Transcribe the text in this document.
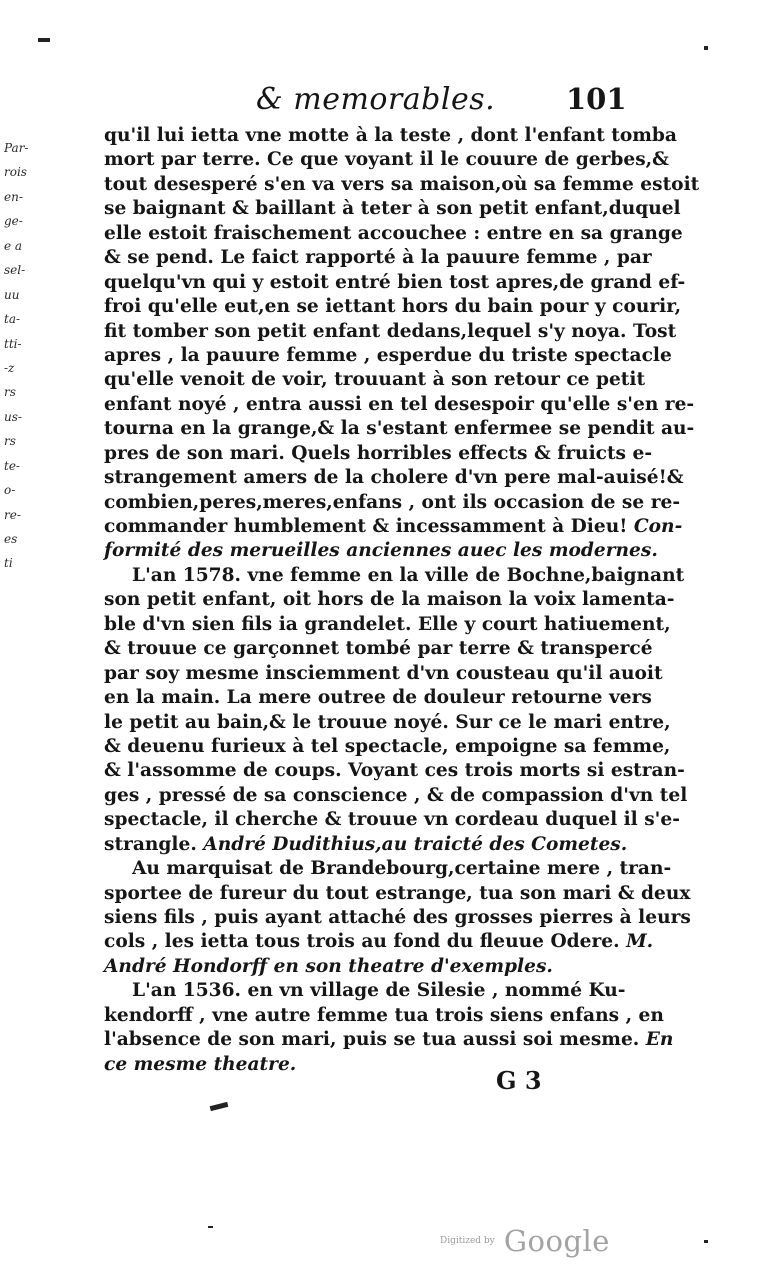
& memorables. 101
Par-
rois
en-
ge-
e a
sel-
uu
ta-
tti-
-z
rs
us-
rs
te-
o-
re-
es
ti
qu'il lui ietta vne motte à la teste , dont l'enfant tomba
mort par terre. Ce que voyant il le couure de gerbes,&
tout desesperé s'en va vers sa maison,où sa femme estoit
se baignant & baillant à teter à son petit enfant,duquel
elle estoit fraischement accouchee : entre en sa grange
& se pend. Le faict rapporté à la pauure femme , par
quelqu'vn qui y estoit entré bien tost apres,de grand ef-
froi qu'elle eut,en se iettant hors du bain pour y courir,
fit tomber son petit enfant dedans,lequel s'y noya. Tost
apres , la pauure femme , esperdue du triste spectacle
qu'elle venoit de voir, trouuant à son retour ce petit
enfant noyé , entra aussi en tel desespoir qu'elle s'en re-
tourna en la grange,& la s'estant enfermee se pendit au-
pres de son mari. Quels horribles effects & fruicts e-
strangement amers de la cholere d'vn pere mal-auisé!&
combien,peres,meres,enfans , ont ils occasion de se re-
commander humblement & incessamment à Dieu! Con-
formité des merueilles anciennes auec les modernes.
L'an 1578. vne femme en la ville de Bochne,baignant
son petit enfant, oit hors de la maison la voix lamenta-
ble d'vn sien fils ia grandelet. Elle y court hatiuement,
& trouue ce garçonnet tombé par terre & transpercé
par soy mesme insciemment d'vn cousteau qu'il auoit
en la main. La mere outree de douleur retourne vers
le petit au bain,& le trouue noyé. Sur ce le mari entre,
& deuenu furieux à tel spectacle, empoigne sa femme,
& l'assomme de coups. Voyant ces trois morts si estran-
ges , pressé de sa conscience , & de compassion d'vn tel
spectacle, il cherche & trouue vn cordeau duquel il s'e-
strangle. André Dudithius,au traicté des Cometes.
Au marquisat de Brandebourg,certaine mere , tran-
sportee de fureur du tout estrange, tua son mari & deux
siens fils , puis ayant attaché des grosses pierres à leurs
cols , les ietta tous trois au fond du fleuue Odere. M.
André Hondorff en son theatre d'exemples.
L'an 1536. en vn village de Silesie , nommé Ku-
kendorff , vne autre femme tua trois siens enfans , en
l'absence de son mari, puis se tua aussi soi mesme. En
ce mesme theatre.
G 3
Digitized by Google
